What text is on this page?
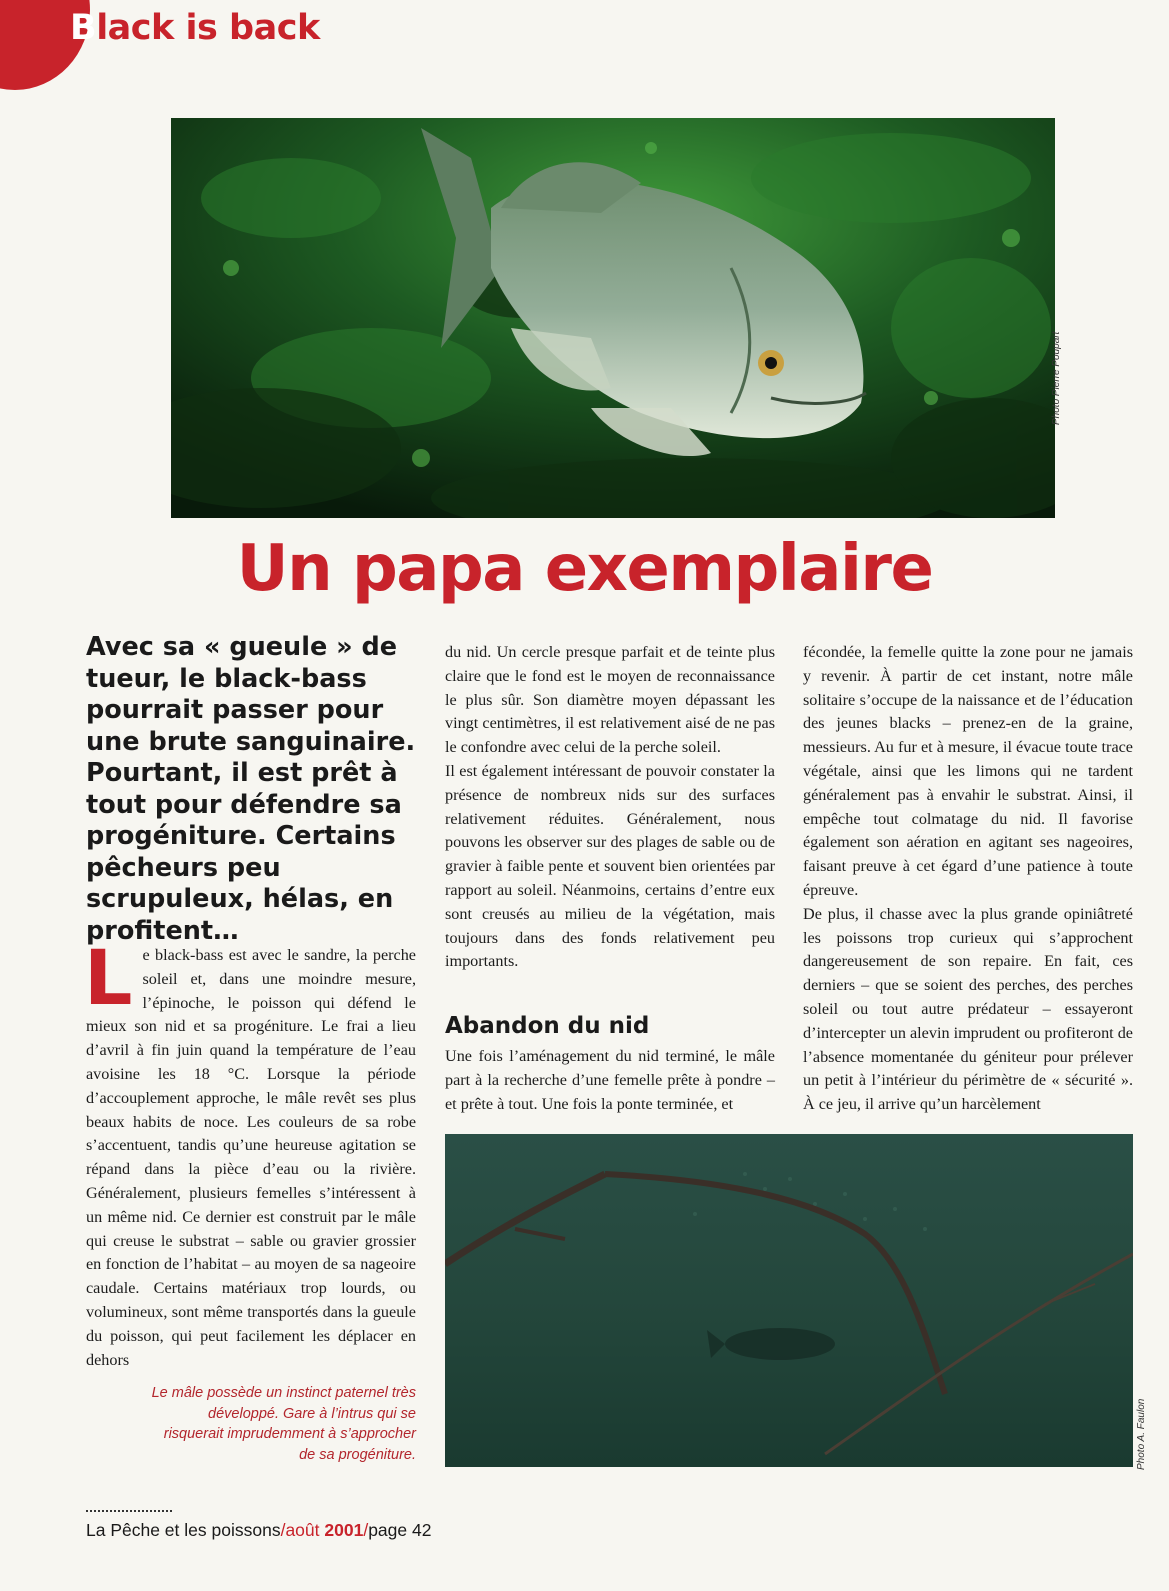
Black is back
Photo Pierre Poupart
Un papa exemplaire
Avec sa « gueule » de tueur, le black-bass pourrait passer pour une brute sanguinaire. Pourtant, il est prêt à tout pour défendre sa progéniture. Certains pêcheurs peu scrupuleux, hélas, en profitent…
L e black-bass est avec le sandre, la perche soleil et, dans une moindre mesure, l’épinoche, le poisson qui défend le mieux son nid et sa progéniture. Le frai a lieu d’avril à fin juin quand la température de l’eau avoisine les 18 °C. Lorsque la période d’accouplement approche, le mâle revêt ses plus beaux habits de noce. Les couleurs de sa robe s’accentuent, tandis qu’une heureuse agitation se répand dans la pièce d’eau ou la rivière. Généralement, plusieurs femelles s’intéressent à un même nid. Ce dernier est construit par le mâle qui creuse le substrat – sable ou gravier grossier en fonction de l’habitat – au moyen de sa nageoire caudale. Certains matériaux trop lourds, ou volumineux, sont même transportés dans la gueule du poisson, qui peut facilement les déplacer en dehors

du nid. Un cercle presque parfait et de teinte plus claire que le fond est le moyen de reconnaissance le plus sûr. Son diamètre moyen dépassant les vingt centimètres, il est relativement aisé de ne pas le confondre avec celui de la perche soleil.

Il est également intéressant de pouvoir constater la présence de nombreux nids sur des surfaces relativement réduites. Généralement, nous pouvons les observer sur des plages de sable ou de gravier à faible pente et souvent bien orientées par rapport au soleil. Néanmoins, certains d’entre eux sont creusés au milieu de la végétation, mais toujours dans des fonds relativement peu importants.

Abandon du nid

Une fois l’aménagement du nid terminé, le mâle part à la recherche d’une femelle prête à pondre – et prête à tout. Une fois la ponte terminée, et

fécondée, la femelle quitte la zone pour ne jamais y revenir. À partir de cet instant, notre mâle solitaire s’occupe de la naissance et de l’éducation des jeunes blacks – prenez-en de la graine, messieurs. Au fur et à mesure, il évacue toute trace végétale, ainsi que les limons qui ne tardent généralement pas à envahir le substrat. Ainsi, il empêche tout colmatage du nid. Il favorise également son aération en agitant ses nageoires, faisant preuve à cet égard d’une patience à toute épreuve.

De plus, il chasse avec la plus grande opiniâtreté les poissons trop curieux qui s’approchent dangereusement de son repaire. En fait, ces derniers – que se soient des perches, des perches soleil ou tout autre prédateur – essayeront d’intercepter un alevin imprudent ou profiteront de l’absence momentanée du géniteur pour prélever un petit à l’intérieur du périmètre de « sécurité ». À ce jeu, il arrive qu’un harcèlement

Le mâle possède un instinct paternel très développé. Gare à l’intrus qui se risquerait imprudemment à s’approcher de sa progéniture.	Photo A. Faulon
La Pêche et les poissons/août 2001/page 42
